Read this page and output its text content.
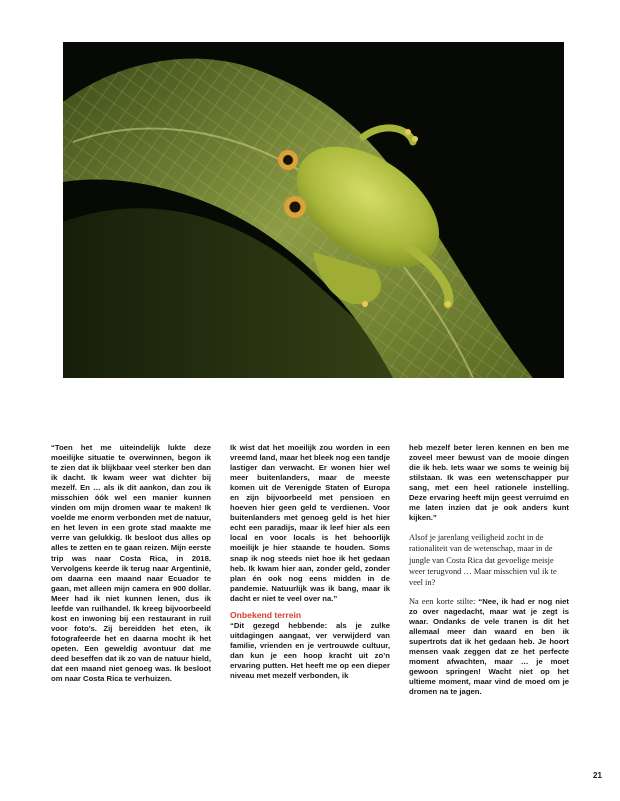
“Toen het me uiteindelijk lukte deze moeilijke situatie te overwinnen, begon ik te zien dat ik blijkbaar veel sterker ben dan ik dacht. Ik kwam weer wat dichter bij mezelf. En … als ik dit aankon, dan zou ik misschien óók wel een manier kunnen vinden om mijn dromen waar te maken! Ik voelde me enorm verbonden met de natuur, en het leven in een grote stad maakte me verre van gelukkig. Ik besloot dus alles op alles te zetten en te gaan reizen. Mijn eerste trip was naar Costa Rica, in 2018. Vervolgens keerde ik terug naar Argentinië, om daarna een maand naar Ecuador te gaan, met alleen mijn camera en 900 dollar. Meer had ik niet kunnen lenen, dus ik leefde van ruilhandel. Ik kreeg bijvoorbeeld kost en inwoning bij een restaurant in ruil voor foto’s. Zij bereidden het eten, ik fotografeerde het en daarna mocht ik het opeten. Een geweldig avontuur dat me deed beseffen dat ik zo van de natuur hield, dat een maand niet genoeg was. Ik besloot om naar Costa Rica te verhuizen.

Ik wist dat het moeilijk zou worden in een vreemd land, maar het bleek nog een tandje lastiger dan verwacht. Er wonen hier wel meer buitenlanders, maar de meeste komen uit de Verenigde Staten of Europa en zijn bijvoorbeeld met pensioen en hoeven hier geen geld te verdienen. Voor buitenlanders met genoeg geld is het hier echt een paradijs, maar ik leef hier als een local en voor locals is het behoorlijk moeilijk je hier staande te houden. Soms snap ik nog steeds niet hoe ik het gedaan heb. Ik kwam hier aan, zonder geld, zonder plan én ook nog eens midden in de pandemie. Natuurlijk was ik bang, maar ik dacht er niet te veel over na.”

Onbekend terrein

“Dit gezegd hebbende: als je zulke uitdagingen aangaat, ver verwijderd van familie, vrienden en je vertrouwde cultuur, dan kun je een hoop kracht uit zo’n ervaring putten. Het heeft me op een dieper niveau met mezelf verbonden, ik

heb mezelf beter leren kennen en ben me zoveel meer bewust van de mooie dingen die ik heb. Iets waar we soms te weinig bij stilstaan. Ik was een wetenschapper pur sang, met een heel rationele instelling. Deze ervaring heeft mijn geest verruimd en me laten inzien dat je ook anders kunt kijken.”

Alsof je jarenlang veiligheid zocht in de rationaliteit van de wetenschap, maar in de jungle van Costa Rica dat gevoelige meisje weer terugvond … Maar misschien vul ik te veel in?

Na een korte stilte: “Nee, ik had er nog niet zo over nagedacht, maar wat je zegt is waar. Ondanks de vele tranen is dit het allemaal meer dan waard en ben ik supertrots dat ik het gedaan heb. Je hoort mensen vaak zeggen dat ze het perfecte moment afwachten, maar … je moet gewoon springen! Wacht niet op het ultieme moment, maar vind de moed om je dromen na te jagen.

21
